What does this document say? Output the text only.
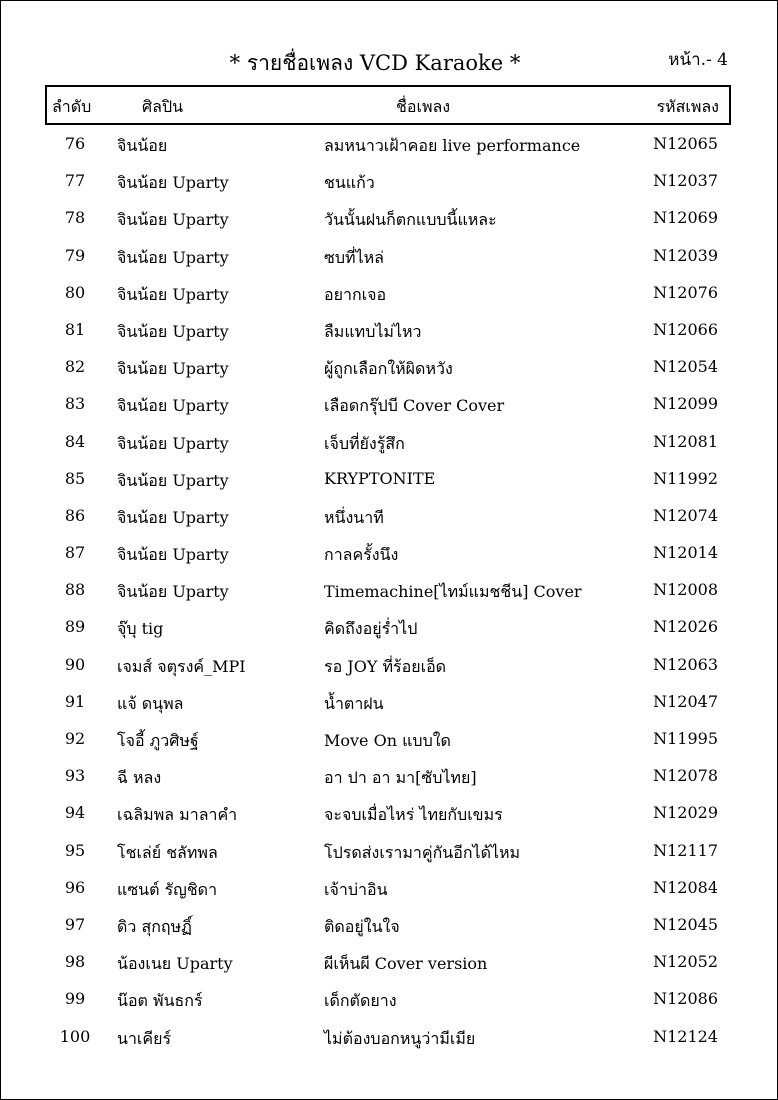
* รายชื่อเพลง VCD Karaoke *	หน้า.- 4
ลำดับ	ศิลปิน	ชื่อเพลง	รหัสเพลง
76	จินน้อย	ลมหนาวเฝ้าคอย live performance	N12065
77	จินน้อย Uparty	ชนแก้ว	N12037
78	จินน้อย Uparty	วันนั้นฝนก็ตกแบบนี้แหละ	N12069
79	จินน้อย Uparty	ซบที่ไหล่	N12039
80	จินน้อย Uparty	อยากเจอ	N12076
81	จินน้อย Uparty	ลืมแทบไม่ไหว	N12066
82	จินน้อย Uparty	ผู้ถูกเลือกให้ผิดหวัง	N12054
83	จินน้อย Uparty	เลือดกรุ๊ปบี Cover Cover	N12099
84	จินน้อย Uparty	เจ็บที่ยังรู้สึก	N12081
85	จินน้อย Uparty	KRYPTONITE	N11992
86	จินน้อย Uparty	หนึ่งนาที	N12074
87	จินน้อย Uparty	กาลครั้งนึง	N12014
88	จินน้อย Uparty	Timemachine[ไทม์แมชชีน] Cover	N12008
89	จุ๊บุ tig	คิดถึงอยู่ร่ำไป	N12026
90	เจมส์ จตุรงค์_MPI	รอ JOY ที่ร้อยเอ็ด	N12063
91	แจ้ ดนุพล	น้ำตาฝน	N12047
92	โจอี้ ภูวศิษฐ์	Move On แบบใด	N11995
93	ฉี หลง	อา ปา อา มา[ซับไทย]	N12078
94	เฉลิมพล มาลาคำ	จะจบเมื่อไหร่ ไทยกับเขมร	N12029
95	โชเล่ย์ ชลัทพล	โปรดส่งเรามาคู่กันอีกได้ไหม	N12117
96	แซนต์ รัญชิดา	เจ้าบ่าอิน	N12084
97	ดิว สุกฤษฏิ์	ติดอยู่ในใจ	N12045
98	น้องเนย Uparty	ผีเห็นผี Cover version	N12052
99	น๊อต พันธกร์	เด็กตัดยาง	N12086
100	นาเคียร์	ไม่ต้องบอกหนูว่ามีเมีย	N12124
